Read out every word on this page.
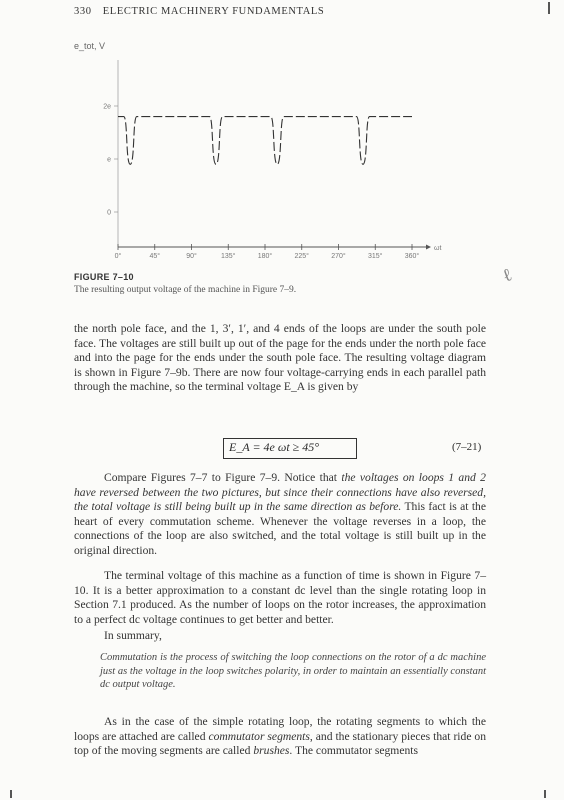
330 ELECTRIC MACHINERY FUNDAMENTALS
e_tot, V
2e
e
0
ωt
0°	45°	90°	135°	180°	225°	270°	315°	360°
FIGURE 7–10
The resulting output voltage of the machine in Figure 7–9.
ℓ

the north pole face, and the 1, 3′, 1′, and 4 ends of the loops are under the south pole face. The voltages are still built up out of the page for the ends under the north pole face and into the page for the ends under the south pole face. The resulting voltage diagram is shown in Figure 7–9b. There are now four voltage-carrying ends in each parallel path through the machine, so the terminal voltage E_A is given by

E_A = 4e ωt ≥ 45°	(7–21)

Compare Figures 7–7 to Figure 7–9. Notice that the voltages on loops 1 and 2 have reversed between the two pictures, but since their connections have also reversed, the total voltage is still being built up in the same direction as before. This fact is at the heart of every commutation scheme. Whenever the voltage reverses in a loop, the connections of the loop are also switched, and the total voltage is still built up in the original direction.

The terminal voltage of this machine as a function of time is shown in Figure 7–10. It is a better approximation to a constant dc level than the single rotating loop in Section 7.1 produced. As the number of loops on the rotor increases, the approximation to a perfect dc voltage continues to get better and better.

In summary,

Commutation is the process of switching the loop connections on the rotor of a dc machine just as the voltage in the loop switches polarity, in order to maintain an essentially constant dc output voltage.

As in the case of the simple rotating loop, the rotating segments to which the loops are attached are called commutator segments, and the stationary pieces that ride on top of the moving segments are called brushes. The commutator segments
